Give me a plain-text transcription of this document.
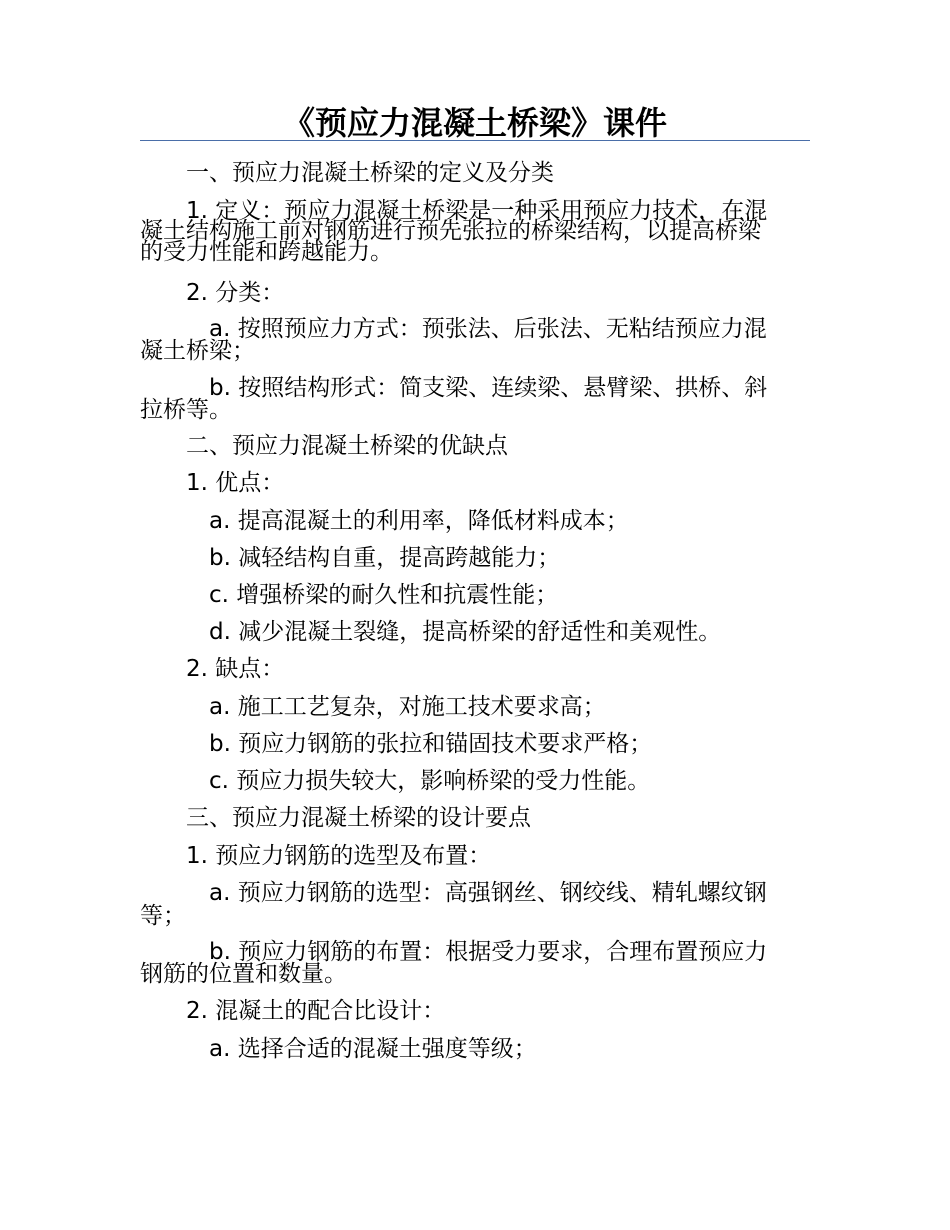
《预应力混凝土桥梁》课件
一、预应力混凝土桥梁的定义及分类
1. 定义：预应力混凝土桥梁是一种采用预应力技术，在混
凝土结构施工前对钢筋进行预先张拉的桥梁结构，以提高桥梁
的受力性能和跨越能力。
2. 分类：
a. 按照预应力方式：预张法、后张法、无粘结预应力混
凝土桥梁；
b. 按照结构形式：简支梁、连续梁、悬臂梁、拱桥、斜
拉桥等。
二、预应力混凝土桥梁的优缺点
1. 优点：
a. 提高混凝土的利用率，降低材料成本；
b. 减轻结构自重，提高跨越能力；
c. 增强桥梁的耐久性和抗震性能；
d. 减少混凝土裂缝，提高桥梁的舒适性和美观性。
2. 缺点：
a. 施工工艺复杂，对施工技术要求高；
b. 预应力钢筋的张拉和锚固技术要求严格；
c. 预应力损失较大，影响桥梁的受力性能。
三、预应力混凝土桥梁的设计要点
1. 预应力钢筋的选型及布置：
a. 预应力钢筋的选型：高强钢丝、钢绞线、精轧螺纹钢
等；
b. 预应力钢筋的布置：根据受力要求，合理布置预应力
钢筋的位置和数量。
2. 混凝土的配合比设计：
a. 选择合适的混凝土强度等级；
